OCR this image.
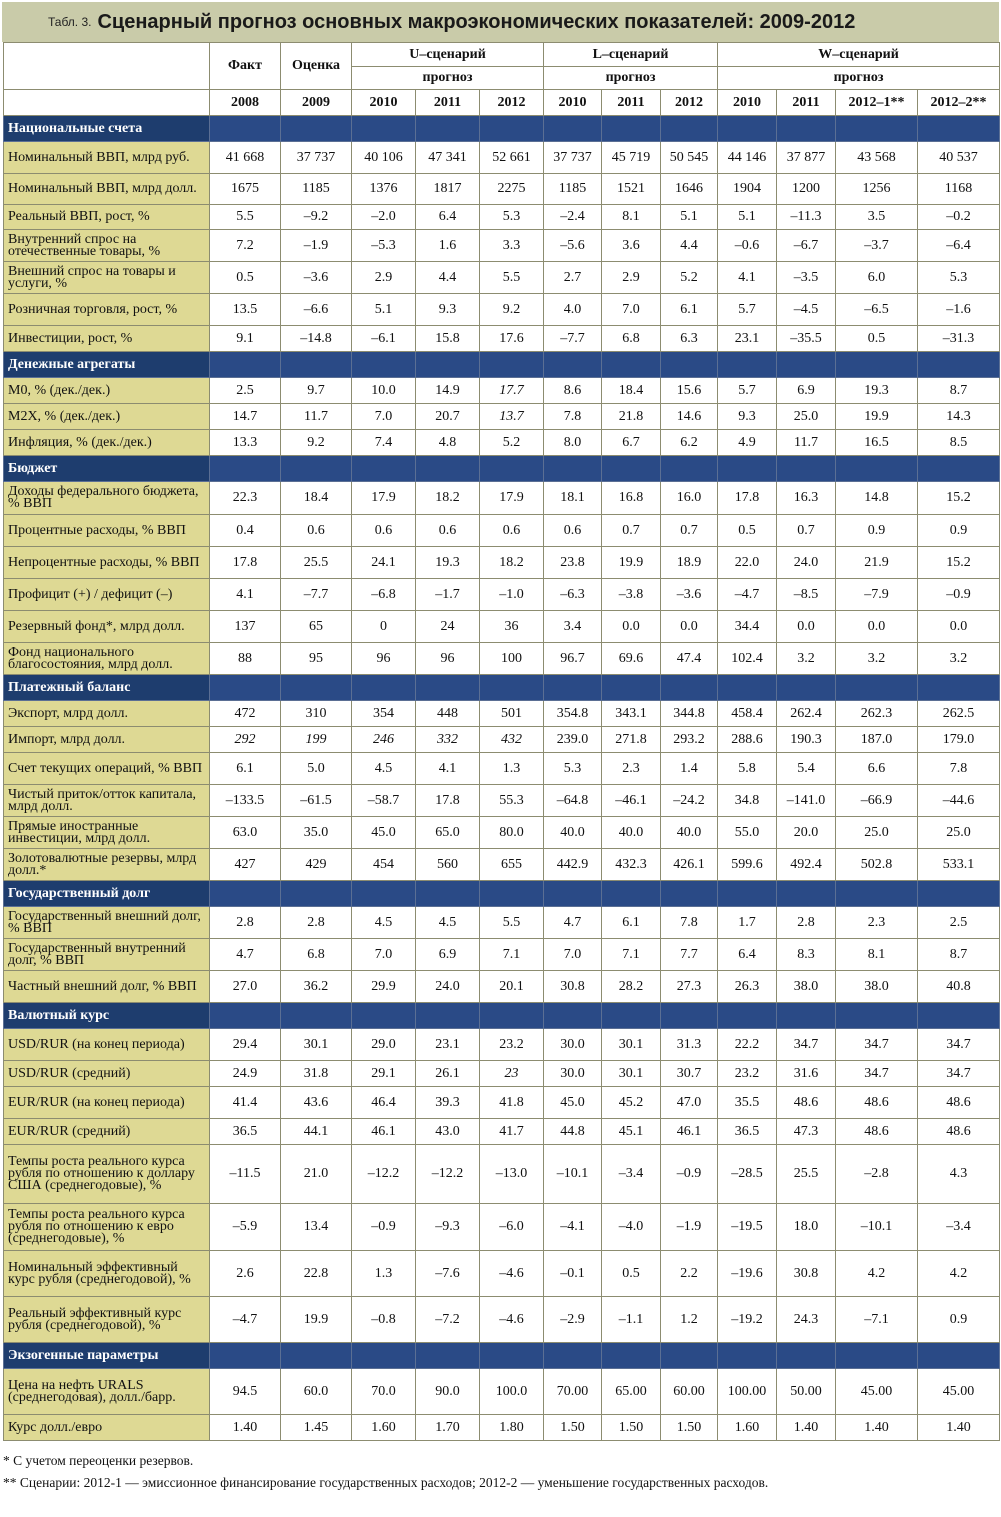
Табл. 3. Сценарный прогноз основных макроэкономических показателей: 2009-2012
	Факт	Оценка	U–сценарий			L–сценарий			W–сценарий			
			прогноз			прогноз			прогноз			
	2008	2009	2010	2011	2012	2010	2011	2012	2010	2011	2012–1**	2012–2**
Национальные счета												
Номинальный ВВП, млрд руб.	41 668	37 737	40 106	47 341	52 661	37 737	45 719	50 545	44 146	37 877	43 568	40 537
Номинальный ВВП, млрд долл.	1675	1185	1376	1817	2275	1185	1521	1646	1904	1200	1256	1168
Реальный ВВП, рост, %	5.5	–9.2	–2.0	6.4	5.3	–2.4	8.1	5.1	5.1	–11.3	3.5	–0.2
Внутренний спрос на отечественные товары, %	7.2	–1.9	–5.3	1.6	3.3	–5.6	3.6	4.4	–0.6	–6.7	–3.7	–6.4
Внешний спрос на товары и услуги, %	0.5	–3.6	2.9	4.4	5.5	2.7	2.9	5.2	4.1	–3.5	6.0	5.3
Розничная торговля, рост, %	13.5	–6.6	5.1	9.3	9.2	4.0	7.0	6.1	5.7	–4.5	–6.5	–1.6
Инвестиции, рост, %	9.1	–14.8	–6.1	15.8	17.6	–7.7	6.8	6.3	23.1	–35.5	0.5	–31.3
Денежные агрегаты												
М0, % (дек./дек.)	2.5	9.7	10.0	14.9	17.7	8.6	18.4	15.6	5.7	6.9	19.3	8.7
М2Х, % (дек./дек.)	14.7	11.7	7.0	20.7	13.7	7.8	21.8	14.6	9.3	25.0	19.9	14.3
Инфляция, % (дек./дек.)	13.3	9.2	7.4	4.8	5.2	8.0	6.7	6.2	4.9	11.7	16.5	8.5
Бюджет												
Доходы федерального бюджета, % ВВП	22.3	18.4	17.9	18.2	17.9	18.1	16.8	16.0	17.8	16.3	14.8	15.2
Процентные расходы, % ВВП	0.4	0.6	0.6	0.6	0.6	0.6	0.7	0.7	0.5	0.7	0.9	0.9
Непроцентные расходы, % ВВП	17.8	25.5	24.1	19.3	18.2	23.8	19.9	18.9	22.0	24.0	21.9	15.2
Профицит (+) / дефицит (–)	4.1	–7.7	–6.8	–1.7	–1.0	–6.3	–3.8	–3.6	–4.7	–8.5	–7.9	–0.9
Резервный фонд*, млрд долл.	137	65	0	24	36	3.4	0.0	0.0	34.4	0.0	0.0	0.0
Фонд национального благосостояния, млрд долл.	88	95	96	96	100	96.7	69.6	47.4	102.4	3.2	3.2	3.2
Платежный баланс												
Экспорт, млрд долл.	472	310	354	448	501	354.8	343.1	344.8	458.4	262.4	262.3	262.5
Импорт, млрд долл.	292	199	246	332	432	239.0	271.8	293.2	288.6	190.3	187.0	179.0
Счет текущих операций, % ВВП	6.1	5.0	4.5	4.1	1.3	5.3	2.3	1.4	5.8	5.4	6.6	7.8
Чистый приток/отток капитала, млрд долл.	–133.5	–61.5	–58.7	17.8	55.3	–64.8	–46.1	–24.2	34.8	–141.0	–66.9	–44.6
Прямые иностранные инвестиции, млрд долл.	63.0	35.0	45.0	65.0	80.0	40.0	40.0	40.0	55.0	20.0	25.0	25.0
Золотовалютные резервы, млрд долл.*	427	429	454	560	655	442.9	432.3	426.1	599.6	492.4	502.8	533.1
Государственный долг												
Государственный внешний долг, % ВВП	2.8	2.8	4.5	4.5	5.5	4.7	6.1	7.8	1.7	2.8	2.3	2.5
Государственный внутренний долг, % ВВП	4.7	6.8	7.0	6.9	7.1	7.0	7.1	7.7	6.4	8.3	8.1	8.7
Частный внешний долг, % ВВП	27.0	36.2	29.9	24.0	20.1	30.8	28.2	27.3	26.3	38.0	38.0	40.8
Валютный курс												
USD/RUR (на конец периода)	29.4	30.1	29.0	23.1	23.2	30.0	30.1	31.3	22.2	34.7	34.7	34.7
USD/RUR (средний)	24.9	31.8	29.1	26.1	23	30.0	30.1	30.7	23.2	31.6	34.7	34.7
EUR/RUR (на конец периода)	41.4	43.6	46.4	39.3	41.8	45.0	45.2	47.0	35.5	48.6	48.6	48.6
EUR/RUR (средний)	36.5	44.1	46.1	43.0	41.7	44.8	45.1	46.1	36.5	47.3	48.6	48.6
Темпы роста реального курса рубля по отношению к доллару США (среднегодовые), %	–11.5	21.0	–12.2	–12.2	–13.0	–10.1	–3.4	–0.9	–28.5	25.5	–2.8	4.3
Темпы роста реального курса рубля по отношению к евро (среднегодовые), %	–5.9	13.4	–0.9	–9.3	–6.0	–4.1	–4.0	–1.9	–19.5	18.0	–10.1	–3.4
Номинальный эффективный курс рубля (среднегодовой), %	2.6	22.8	1.3	–7.6	–4.6	–0.1	0.5	2.2	–19.6	30.8	4.2	4.2
Реальный эффективный курс рубля (среднегодовой), %	–4.7	19.9	–0.8	–7.2	–4.6	–2.9	–1.1	1.2	–19.2	24.3	–7.1	0.9
Экзогенные параметры												
Цена на нефть URALS (среднегодовая), долл./барр.	94.5	60.0	70.0	90.0	100.0	70.00	65.00	60.00	100.00	50.00	45.00	45.00
Курс долл./евро	1.40	1.45	1.60	1.70	1.80	1.50	1.50	1.50	1.60	1.40	1.40	1.40
* С учетом переоценки резервов.
** Сценарии: 2012-1 — эмиссионное финансирование государственных расходов; 2012-2 — уменьшение государственных расходов.
